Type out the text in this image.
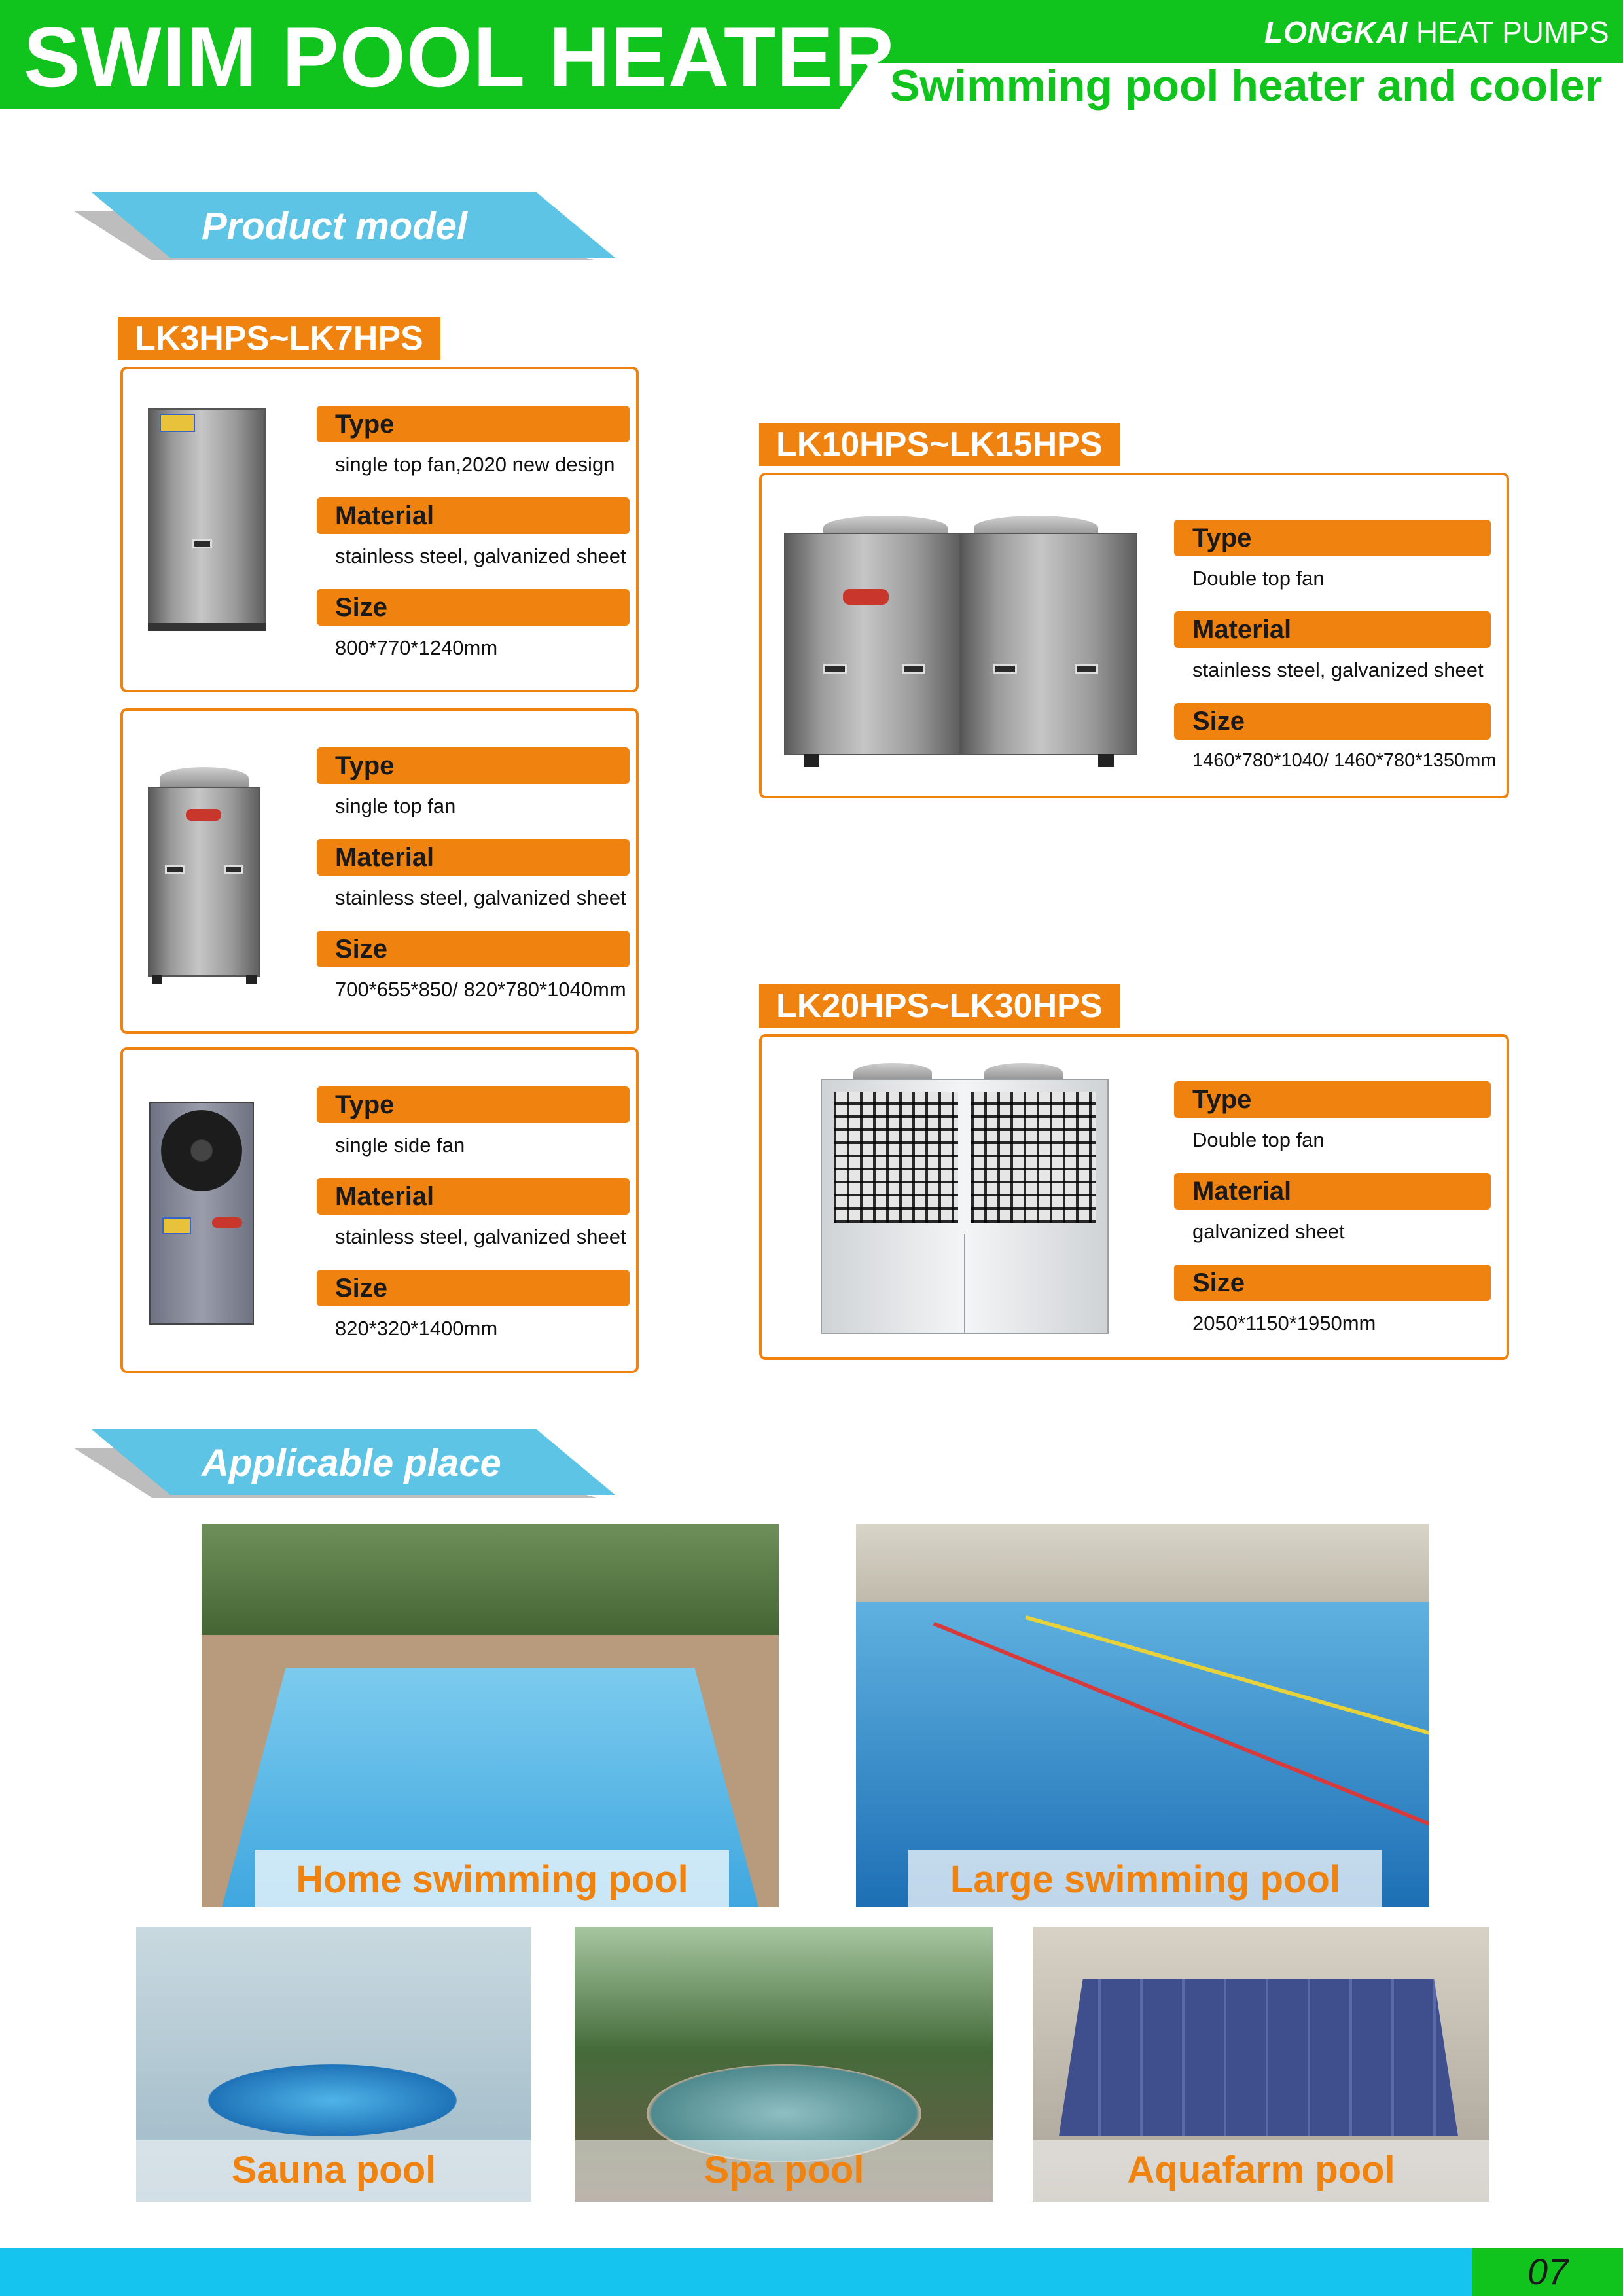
SWIM POOL HEATER	LONGKAI HEAT PUMPS
Swimming pool heater and cooler
Product model
LK3HPS~LK7HPS
Type
single top fan,2020 new design
Material
stainless steel, galvanized sheet
Size
800*770*1240mm
Type
single top fan
Material
stainless steel, galvanized sheet
Size
700*655*850/ 820*780*1040mm
Type
single side fan
Material
stainless steel, galvanized sheet
Size
820*320*1400mm
LK10HPS~LK15HPS
Type
Double top fan
Material
stainless steel, galvanized sheet
Size
1460*780*1040/ 1460*780*1350mm
LK20HPS~LK30HPS
Type
Double top fan
Material
galvanized sheet
Size
2050*1150*1950mm
Applicable place
Home swimming pool	Large swimming pool
Sauna pool	Spa pool	Aquafarm pool
07
